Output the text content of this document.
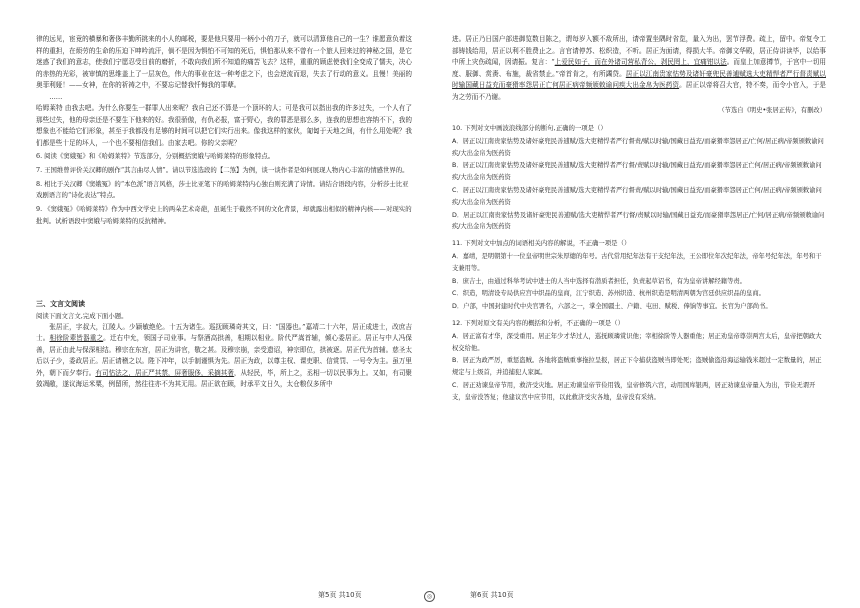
律的远见，宦竟的横暴和奢侈丰勤所挑来的小人的邮税，要是他只要用一柄小小的刀子，就可以清算他自己的一生？谁愿意负着这样的重担，在烦劳的生命的压迫下呻吟流汗，倘不是因为惧怕不可知的死后，惧怕那从来不曾有一个旅人回来过的神秘之国，是它迷惑了我们的意志，使我们宁愿忍受目前的磨折，不敢向我们所不知道的痛苦飞去？这样，重重的顾虑使我们全变成了懦夫，决心的赤热的光彩，被审慎的思维盖上了一层灰色，伟大的事业在这一种考虑之下，也会逆流而退，失去了行动的意义。且慢！美丽的奥菲利娅！——女神，在你的祈祷之中，不要忘记替我忏悔我的罪孽。

……

哈姆莱特 由我去吧。为什么你要生一群罪人出来呢？我自己还不算是一个顶坏的人；可是我可以指出我的许多过失，一个人有了那些过失，他的母亲还是不要生下他来的好。我很骄傲，有仇必报，富于野心，我的罪恶是那么多，连我的思想也容纳不下，我的想象也不能给它们形象，甚至于我都没有足够的时间可以把它们实行出来。像我这样的家伙，匍匐于天地之间，有什么用处呢？我们都是些十足的坏人，一个也不要相信我们。由家去吧。你的父亲呢？

6. 阅读《窦娥冤》和《哈姆莱特》节选部分，分别概括窦娥与哈姆莱特的形象特点。

7. 王国维曾评价关汉卿的剧作“其言曲尽人情”。请以节选选段的【二煞】为例，谈一谈作者是如何展现人物内心丰富的情感世界的。

8. 相比于关汉卿《窦娥冤》的“本色派”语言风格，莎士比亚笔下的哈姆莱特内心独白则充满了诗情。请结合语段内容，分析莎士比亚戏剧语言的“诗化表达”特点。

9. 《窦娥冤》《哈姆莱特》作为中西文学史上的两朵艺术奇葩，虽诞生于截然不同的文化背景，却就露出相似的精神内核——对现实的批判。试析语段中窦娥与哈姆莱特的反抗精神。

三、文言文阅读

阅读下面文言文,完成下面小题。

张居正，字叔大，江陵人。少颖敏绝伦。十五为诸生。巡抚顾璘奇其文，曰：“国器也。”嘉靖二十六年，居正成进士，改庶吉士。相徐阶辈皆器重之。迁右中允，领国子司业事。与祭酒高拱善，相期以相业。阶代严嵩首辅，倾心委居正。居正与中人冯保善，居正由此与保深相结。穆宗在东宫，居正为讲官，敬之甚。及穆宗崩，亲受遗诏，神宗即位，拱被逐。居正代为首辅。慈圣太后以子少，委政居正。居正请稽之以。陛下冲年，以手制谨惧为先。居正为政，以尊主权、课吏职、信赏罚、一号令为主。虽万里外，朝下而夕奉行。有司怙法之，居正严其禁，屏奢服侈，采摘其奢，从轻民，毕，所上之，丞相一切以民事为上。又如，有司聚敛凋敝，遂议海运米粟，例留所，然往往亦不为其无用。居正欲在顾，时承平文日久，太仓粮仅多所中

进。居正乃日国户部进御览数目陈之，谓每岁入额不敌所出，请帝置坐隅时省览，量入为出，罢节浮费。疏上，留中。帝复令工部铸钱给用，居正以利不胜费止之。言官请停苏、松织造，不听。居正为面请，得损大半。帝御文华殿，居正侍讲读毕，以给事中所上灾伤疏闻，因请振。复言：“上爱民如子，而在外诸司营私背公，剥民罔上，宜痛钳以法。而皇上加意撙节，于宫中一切用度、服御、赏赉、布施，裁省禁止。”帝首肯之，有所蠲贷。居正以江南贵家怙势及诸奸豪兜民善逋赋选大吏精悍者严行督责赋以时输国藏日益充而豪猾率怨居正亡何居正病帝频颁敕谕问疾大出金帛为医药资。居正以帝将召大官，特不奏，而令小官入，于是为之劳而不乃谢。

（节选自《明史•张居正传》，有删改）

10. 下列对文中画波浪线部分的断句,正确的一项是（）

A．居正以江南贵家怙势及诸奸豪兜民善逋赋/选大吏精悍者严行督责/赋以时输/国藏日益充/而豪猾率怨居正/亡何/居正病/帝频颁敕谕问疾/大出金帛为医药资

B．居正以江南贵家怙势及诸奸豪兜民善逋赋/选大吏精悍者严行督/责赋以时输/国藏日益充/而豪猾率怨居正亡何/居正病/帝频颁敕谕问疾/大出金帛为医药资

C．居正以江南贵家怙势及诸奸豪兜民善逋赋/选大吏精悍者严行督责/赋以时输/国藏日益充/而豪猾率怨居正亡何/居正病/帝频颁敕谕问疾/大出金帛为医药资

D．居正以江南贵家怙势及诸奸豪兜民善逋赋/选大吏精悍者严行督/责赋以时输/国藏日益充/而豪猾率怨居正/亡何/居正病/帝频颁敕谕问疾/大出金帛为医药资

11. 下列对文中加点的词语相关内容的解说，不正确一项是（）

A．嘉靖，是明朝第十一位皇帝明世宗朱厚熜的年号。古代常用纪年法有干支纪年法，王公即位年次纪年法，帝年号纪年法，年号和干支兼用等。

B．庶吉士，由通过科举考试中进士的人当中选择有潜质者担任，负责起草诏书，有为皇帝讲解经籍等责。

C．织造，明清设专局供应宫中织品的皇商，江宁织造、苏州织造、杭州织造是明清两朝为宫廷供应织品的皇商。

D．户部，中国封建时代中央官署名，六部之一，掌全国疆土、户籍、屯田、赋税、俸饷等事宜。长官为户部尚书。

12. 下列对原文有关内容的概括和分析，不正确的一项是（）

A．居正富有才华，深受重用。居正年少才华过人，巡抚顾璘赏识他；宰相徐阶等人器重他；居正劝皇帝尊崇两宫太后，皇帝把朝政大权交给他。

B．居正为政严厉，重惩盗贼。各地将盗贼重事拖拉呈报，居正下令捕获盗贼当即处死；盗贼偷盗沿海运输钱米超过一定数量的，居正规定与上级首，并追捕犯人家属。

C．居正劝谏皇帝节用，救济受灾地。居正劝谏皇帝节俭用钱，皇帝修筑六宫，动用国库银两，居正劝谏皇帝量入为出，节俭无谓开支，皇帝没答复；他建议宫中应节用，以此救济受灾各地，皇帝没有采纳。

第5页 共10页	◎	第6页 共10页
